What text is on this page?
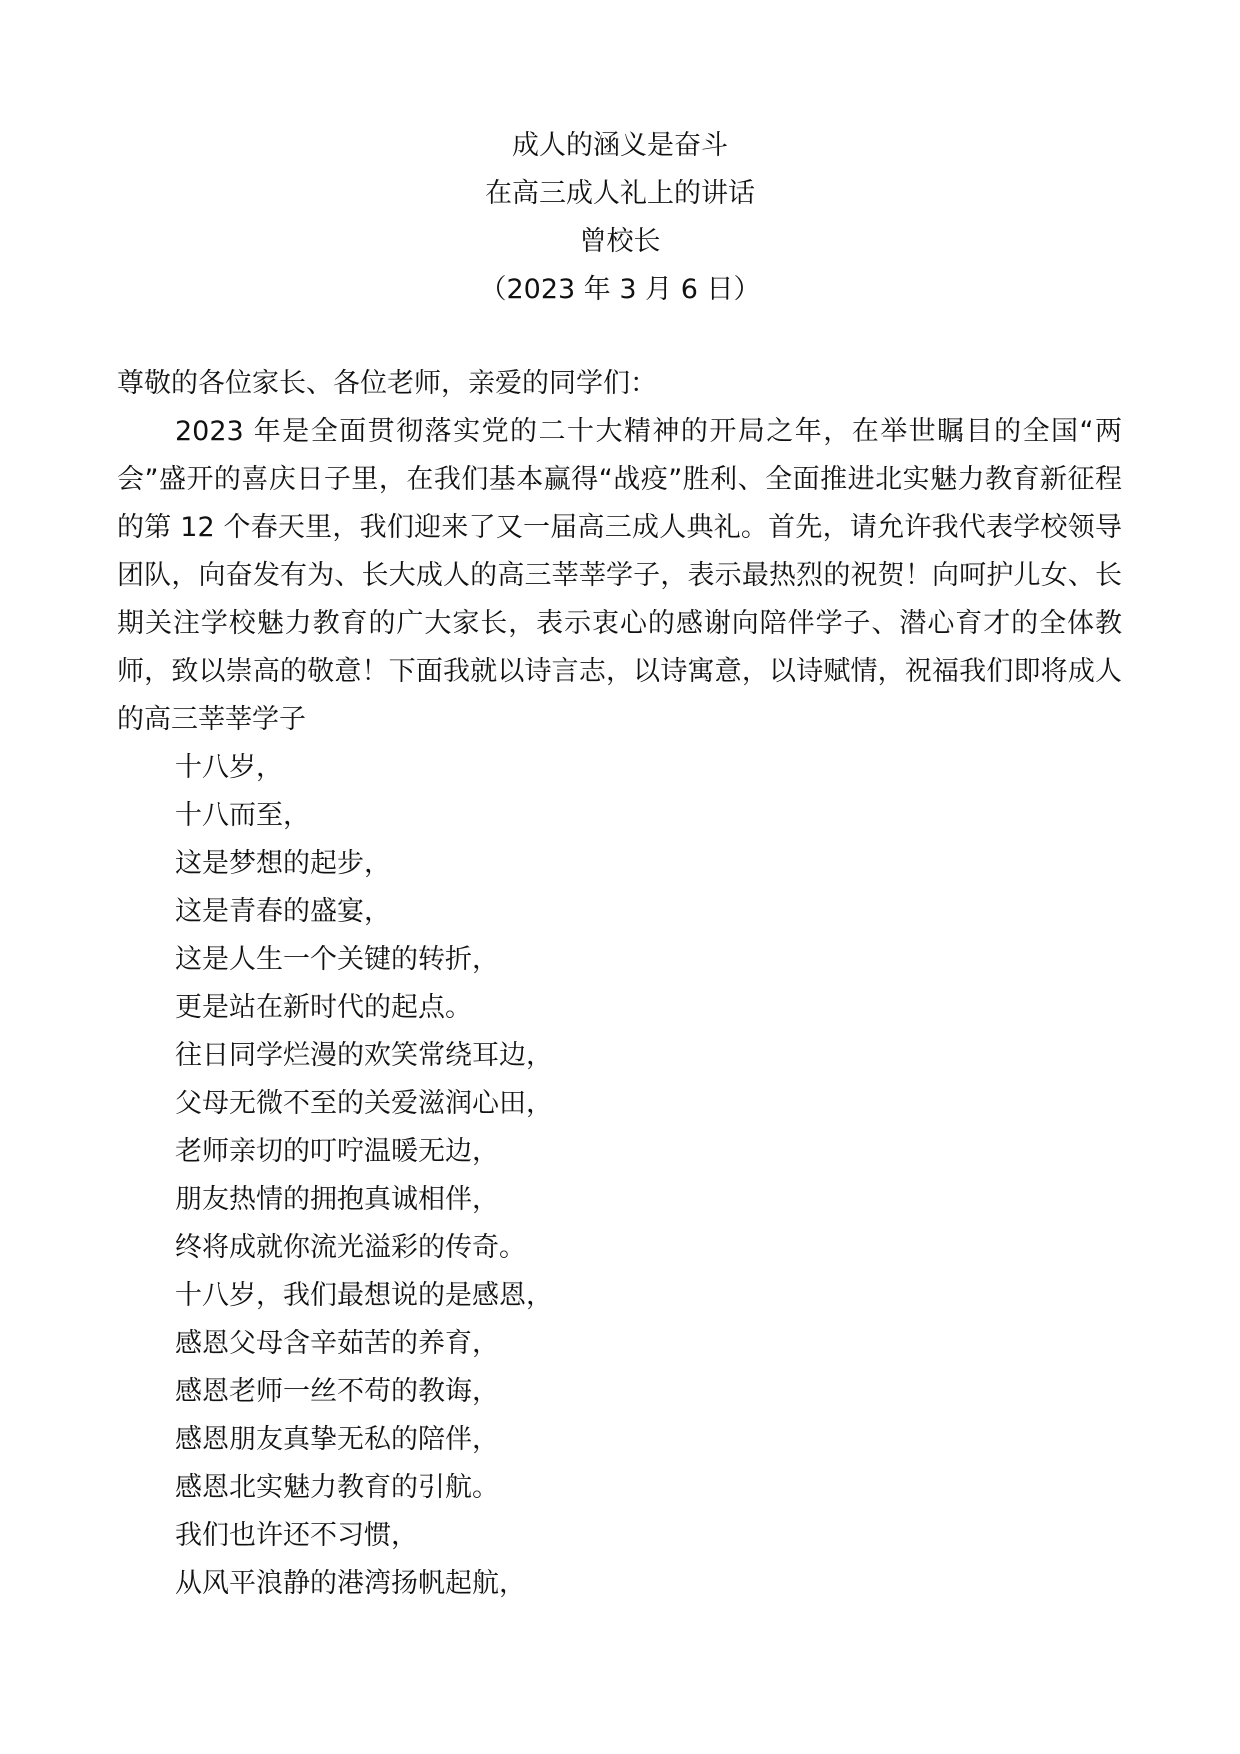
成人的涵义是奋斗
在高三成人礼上的讲话
曾校长
（2023 年 3 月 6 日）
尊敬的各位家长、各位老师，亲爱的同学们：

2023 年是全面贯彻落实党的二十大精神的开局之年，在举世瞩目的全国“两会”盛开的喜庆日子里，在我们基本赢得“战疫”胜利、全面推进北实魅力教育新征程的第 12 个春天里，我们迎来了又一届高三成人典礼。首先，请允许我代表学校领导团队，向奋发有为、长大成人的高三莘莘学子，表示最热烈的祝贺！向呵护儿女、长期关注学校魅力教育的广大家长，表示衷心的感谢向陪伴学子、潜心育才的全体教师，致以崇高的敬意！下面我就以诗言志，以诗寓意，以诗赋情，祝福我们即将成人的高三莘莘学子

十八岁，
十八而至，
这是梦想的起步，
这是青春的盛宴，
这是人生一个关键的转折，
更是站在新时代的起点。
往日同学烂漫的欢笑常绕耳边，
父母无微不至的关爱滋润心田，
老师亲切的叮咛温暖无边，
朋友热情的拥抱真诚相伴，
终将成就你流光溢彩的传奇。
十八岁，我们最想说的是感恩，
感恩父母含辛茹苦的养育，
感恩老师一丝不苟的教诲，
感恩朋友真挚无私的陪伴，
感恩北实魅力教育的引航。
我们也许还不习惯，
从风平浪静的港湾扬帆起航，
